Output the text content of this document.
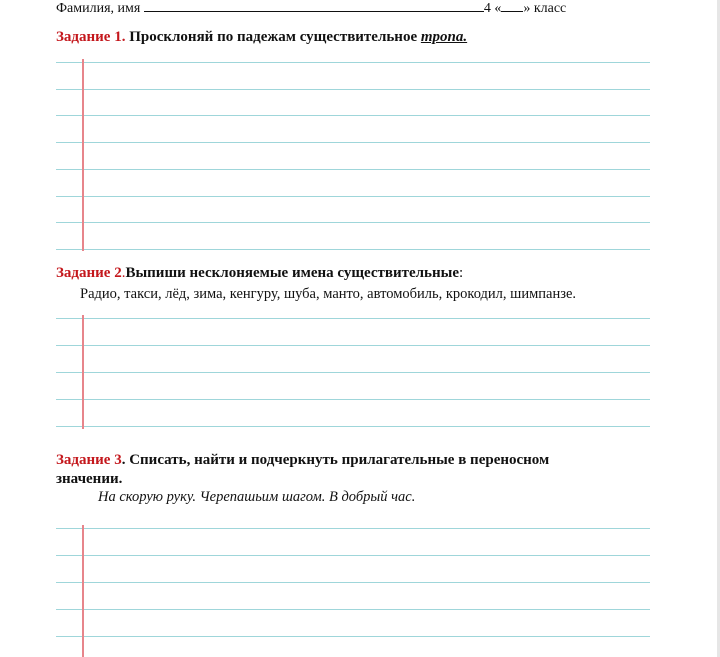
Фамилия, имя	4 « » класс
Задание 1. Просклоняй по падежам существительное тропа.
Задание 2.Выпиши несклоняемые имена существительные:
Радио, такси, лёд, зима, кенгуру, шуба, манто, автомобиль, крокодил, шимпанзе.
Задание 3. Списать, найти и подчеркнуть прилагательные в переносном
значении.
На скорую руку. Черепашьим шагом. В добрый час.
